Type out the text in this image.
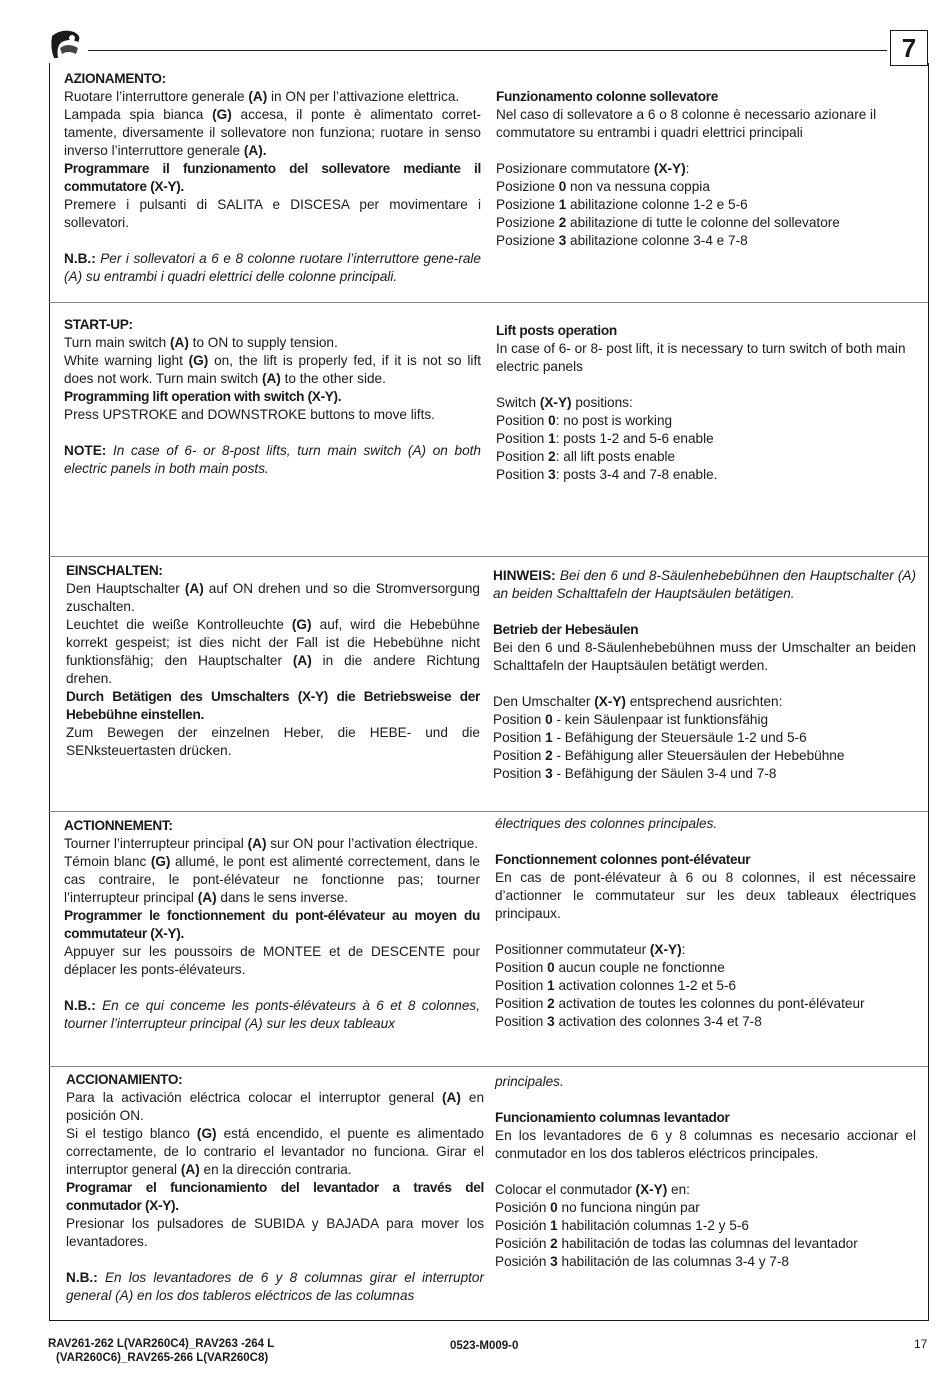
7

AZIONAMENTO:

Ruotare l’interruttore generale (A) in ON per l’attivazione elettrica.

Lampada spia bianca (G) accesa, il ponte è alimentato corret-tamente, diversamente il sollevatore non funziona; ruotare in senso inverso l’interruttore generale (A).

Programmare il funzionamento del sollevatore mediante il commutatore (X-Y).

Premere i pulsanti di SALITA e DISCESA per movimentare i sollevatori.

N.B.: Per i sollevatori a 6 e 8 colonne ruotare l’interruttore gene-rale (A) su entrambi i quadri elettrici delle colonne principali.

Funzionamento colonne sollevatore

Nel caso di sollevatore a 6 o 8 colonne è necessario azionare il commutatore su entrambi i quadri elettrici principali

Posizionare commutatore (X-Y):

Posizione 0 non va nessuna coppia

Posizione 1 abilitazione colonne 1-2 e 5-6

Posizione 2 abilitazione di tutte le colonne del sollevatore

Posizione 3 abilitazione colonne 3-4 e 7-8

START-UP:

Turn main switch (A) to ON to supply tension.

White warning light (G) on, the lift is properly fed, if it is not so lift does not work. Turn main switch (A) to the other side.

Programming lift operation with switch (X-Y).

Press UPSTROKE and DOWNSTROKE buttons to move lifts.

NOTE: In case of 6- or 8-post lifts, turn main switch (A) on both electric panels in both main posts.

Lift posts operation

In case of 6- or 8- post lift, it is necessary to turn switch of both main electric panels

Switch (X-Y) positions:

Position 0: no post is working

Position 1: posts 1-2 and 5-6 enable

Position 2: all lift posts enable

Position 3: posts 3-4 and 7-8 enable.

EINSCHALTEN:

Den Hauptschalter (A) auf ON drehen und so die Stromversorgung zuschalten.

Leuchtet die weiße Kontrolleuchte (G) auf, wird die Hebebühne korrekt gespeist; ist dies nicht der Fall ist die Hebebühne nicht funktionsfähig; den Hauptschalter (A) in die andere Richtung drehen.

Durch Betätigen des Umschalters (X-Y) die Betriebsweise der Hebebühne einstellen.

Zum Bewegen der einzelnen Heber, die HEBE- und die SENksteuertasten drücken.

HINWEIS: Bei den 6 und 8-Säulenhebebühnen den Hauptschalter (A) an beiden Schalttafeln der Hauptsäulen betätigen.

Betrieb der Hebesäulen

Bei den 6 und 8-Säulenhebebühnen muss der Umschalter an beiden Schalttafeln der Hauptsäulen betätigt werden.

Den Umschalter (X-Y) entsprechend ausrichten:

Position 0 - kein Säulenpaar ist funktionsfähig

Position 1 - Befähigung der Steuersäule 1-2 und 5-6

Position 2 - Befähigung aller Steuersäulen der Hebebühne

Position 3 - Befähigung der Säulen 3-4 und 7-8

ACTIONNEMENT:

Tourner l’interrupteur principal (A) sur ON pour l’activation électrique.

Témoin blanc (G) allumé, le pont est alimenté correctement, dans le cas contraire, le pont-élévateur ne fonctionne pas; tourner l’interrupteur principal (A) dans le sens inverse.

Programmer le fonctionnement du pont-élévateur au moyen du commutateur (X-Y).

Appuyer sur les poussoirs de MONTEE et de DESCENTE pour déplacer les ponts-élévateurs.

N.B.: En ce qui conceme les ponts-élévateurs à 6 et 8 colonnes, tourner l’interrupteur principal (A) sur les deux tableaux

électriques des colonnes principales.

Fonctionnement colonnes pont-élévateur

En cas de pont-élévateur à 6 ou 8 colonnes, il est nécessaire d’actionner le commutateur sur les deux tableaux électriques principaux.

Positionner commutateur (X-Y):

Position 0 aucun couple ne fonctionne

Position 1 activation colonnes 1-2 et 5-6

Position 2 activation de toutes les colonnes du pont-élévateur

Position 3 activation des colonnes 3-4 et 7-8

ACCIONAMIENTO:

Para la activación eléctrica colocar el interruptor general (A) en posición ON.

Si el testigo blanco (G) está encendido, el puente es alimentado correctamente, de lo contrario el levantador no funciona. Girar el interruptor general (A) en la dirección contraria.

Programar el funcionamiento del levantador a través del conmutador (X-Y).

Presionar los pulsadores de SUBIDA y BAJADA para mover los levantadores.

N.B.: En los levantadores de 6 y 8 columnas girar el interruptor general (A) en los dos tableros eléctricos de las columnas

principales.

Funcionamiento columnas levantador

En los levantadores de 6 y 8 columnas es necesario accionar el conmutador en los dos tableros eléctricos principales.

Colocar el conmutador (X-Y) en:

Posición 0 no funciona ningún par

Posición 1 habilitación columnas 1-2 y 5-6

Posición 2 habilitación de todas las columnas del levantador

Posición 3 habilitación de las columnas 3-4 y 7-8

RAV261-262 L(VAR260C4)_RAV263 -264 L
(VAR260C6)_RAV265-266 L(VAR260C8)
0523-M009-0	17
